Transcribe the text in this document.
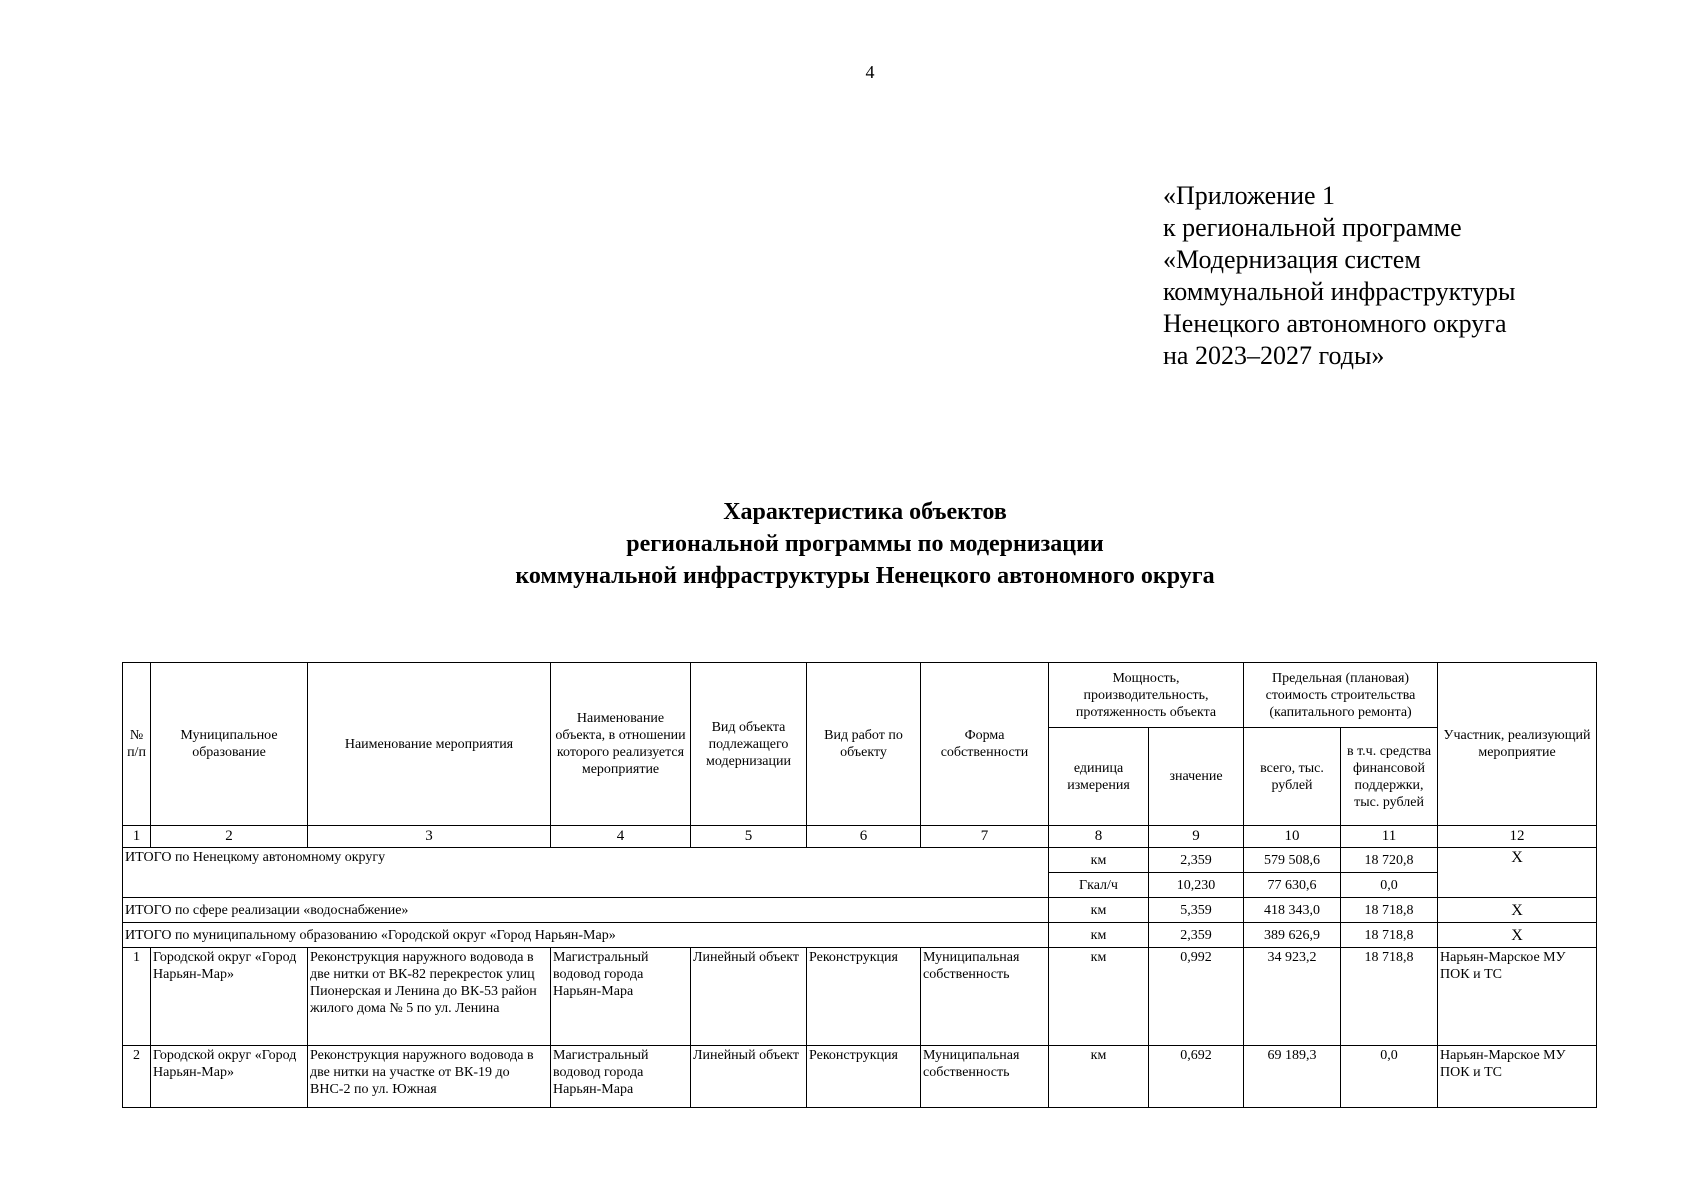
4
«Приложение 1
к региональной программе
«Модернизация систем
коммунальной инфраструктуры
Ненецкого автономного округа
на 2023–2027 годы»
Характеристика объектов
региональной программы по модернизации
коммунальной инфраструктуры Ненецкого автономного округа
№ п/п	Муниципальное образование	Наименование мероприятия	Наименование объекта, в отношении которого реализуется мероприятие	Вид объекта подлежащего модернизации	Вид работ по объекту	Форма собственности	Мощность, производительность, протяженность объекта		Предельная (плановая) стоимость строительства (капитального ремонта)		Участник, реализующий мероприятие
							единица измерения	значение	всего, тыс. рублей	в т.ч. средства финансовой поддержки, тыс. рублей	
1	2	3	4	5	6	7	8	9	10	11	12
ИТОГО по Ненецкому автономному округу							км	2,359	579 508,6	18 720,8	X
							Гкал/ч	10,230	77 630,6	0,0	
ИТОГО по сфере реализации «водоснабжение»							км	5,359	418 343,0	18 718,8	X
ИТОГО по муниципальному образованию «Городской округ «Город Нарьян-Мар»							км	2,359	389 626,9	18 718,8	X
1	Городской округ «Город Нарьян-Мар»	Реконструкция наружного водовода в две нитки от ВК-82 перекресток улиц Пионерская и Ленина до ВК-53 район жилого дома № 5 по ул. Ленина	Магистральный водовод города Нарьян-Мара	Линейный объект	Реконструкция	Муниципальная собственность	км	0,992	34 923,2	18 718,8	Нарьян-Марское МУ ПОК и ТС
2	Городской округ «Город Нарьян-Мар»	Реконструкция наружного водовода в две нитки на участке от ВК-19 до ВНС-2 по ул. Южная	Магистральный водовод города Нарьян-Мара	Линейный объект	Реконструкция	Муниципальная собственность	км	0,692	69 189,3	0,0	Нарьян-Марское МУ ПОК и ТС
